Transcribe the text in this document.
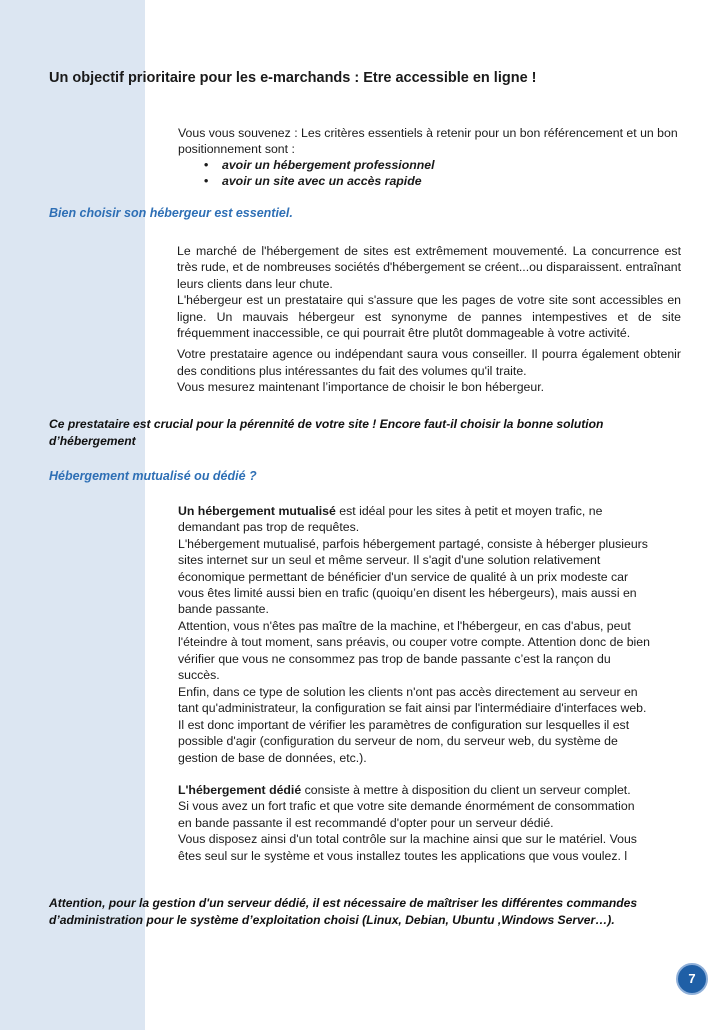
Un objectif prioritaire pour les e-marchands : Etre accessible en ligne !
Vous vous souvenez : Les critères essentiels à retenir pour un bon référencement et un bon positionnement sont :
• avoir un hébergement professionnel
• avoir un site avec un accès rapide
Bien choisir son hébergeur est essentiel.
Le marché de l'hébergement de sites est extrêmement mouvementé. La concurrence est très rude, et de nombreuses sociétés d'hébergement se créent...ou disparaissent. entraînant leurs clients dans leur chute.
L'hébergeur est un prestataire qui s'assure que les pages de votre site sont accessibles en ligne. Un mauvais hébergeur est synonyme de pannes intempestives et de site fréquemment inaccessible, ce qui pourrait être plutôt dommageable à votre activité.
Votre prestataire agence ou indépendant saura vous conseiller. Il pourra également obtenir des conditions plus intéressantes du fait des volumes qu'il traite.
Vous mesurez maintenant l’importance de choisir le bon hébergeur.

Ce prestataire est crucial pour la pérennité de votre site ! Encore faut-il choisir la bonne solution d’hébergement

Hébergement mutualisé ou dédié ?
Un hébergement mutualisé est idéal pour les sites à petit et moyen trafic, ne demandant pas trop de requêtes.
L'hébergement mutualisé, parfois hébergement partagé, consiste à héberger plusieurs sites internet sur un seul et même serveur. Il s'agit d'une solution relativement économique permettant de bénéficier d'un service de qualité à un prix modeste car vous êtes limité aussi bien en trafic (quoiqu’en disent les hébergeurs), mais aussi en bande passante.
Attention, vous n'êtes pas maître de la machine, et l'hébergeur, en cas d'abus, peut l'éteindre à tout moment, sans préavis, ou couper votre compte. Attention donc de bien vérifier que vous ne consommez pas trop de bande passante c’est la rançon du succès.
Enfin, dans ce type de solution les clients n'ont pas accès directement au serveur en tant qu'administrateur, la configuration se fait ainsi par l'intermédiaire d'interfaces web. Il est donc important de vérifier les paramètres de configuration sur lesquelles il est possible d'agir (configuration du serveur de nom, du serveur web, du système de gestion de base de données, etc.).
L'hébergement dédié consiste à mettre à disposition du client un serveur complet.
Si vous avez un fort trafic et que votre site demande énormément de consommation en bande passante il est recommandé d'opter pour un serveur dédié.
Vous disposez ainsi d'un total contrôle sur la machine ainsi que sur le matériel. Vous êtes seul sur le système et vous installez toutes les applications que vous voulez. l

Attention, pour la gestion d'un serveur dédié, il est nécessaire de maîtriser les différentes commandes d’administration pour le système d’exploitation choisi (Linux, Debian, Ubuntu ,Windows Server…).

7
